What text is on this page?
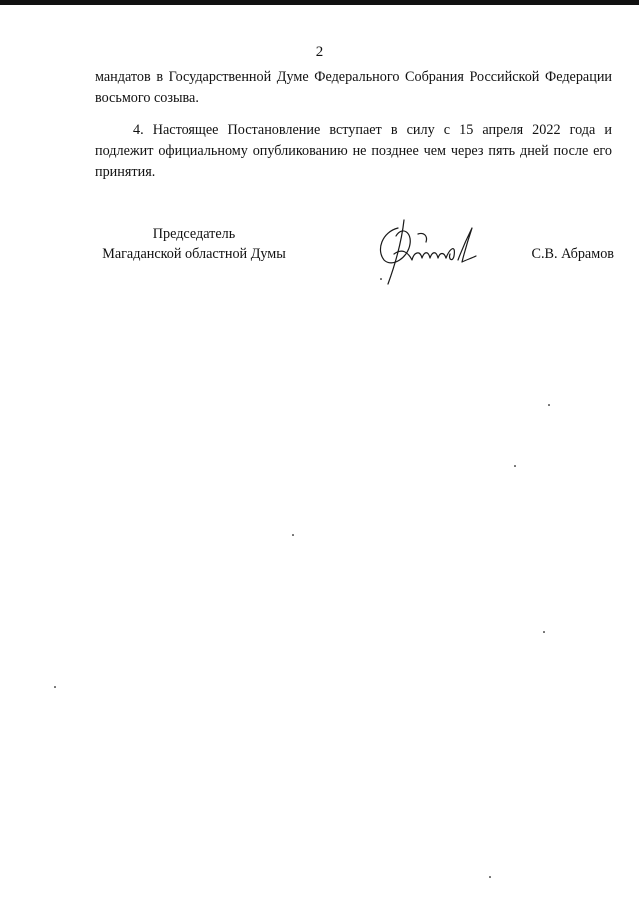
2

мандатов в Государственной Думе Федерального Собрания Российской Федерации восьмого созыва.

4. Настоящее Постановление вступает в силу с 15 апреля 2022 года и подлежит официальному опубликованию не позднее чем через пять дней после его принятия.

Председатель
Магаданской областной Думы	С.В. Абрамов
